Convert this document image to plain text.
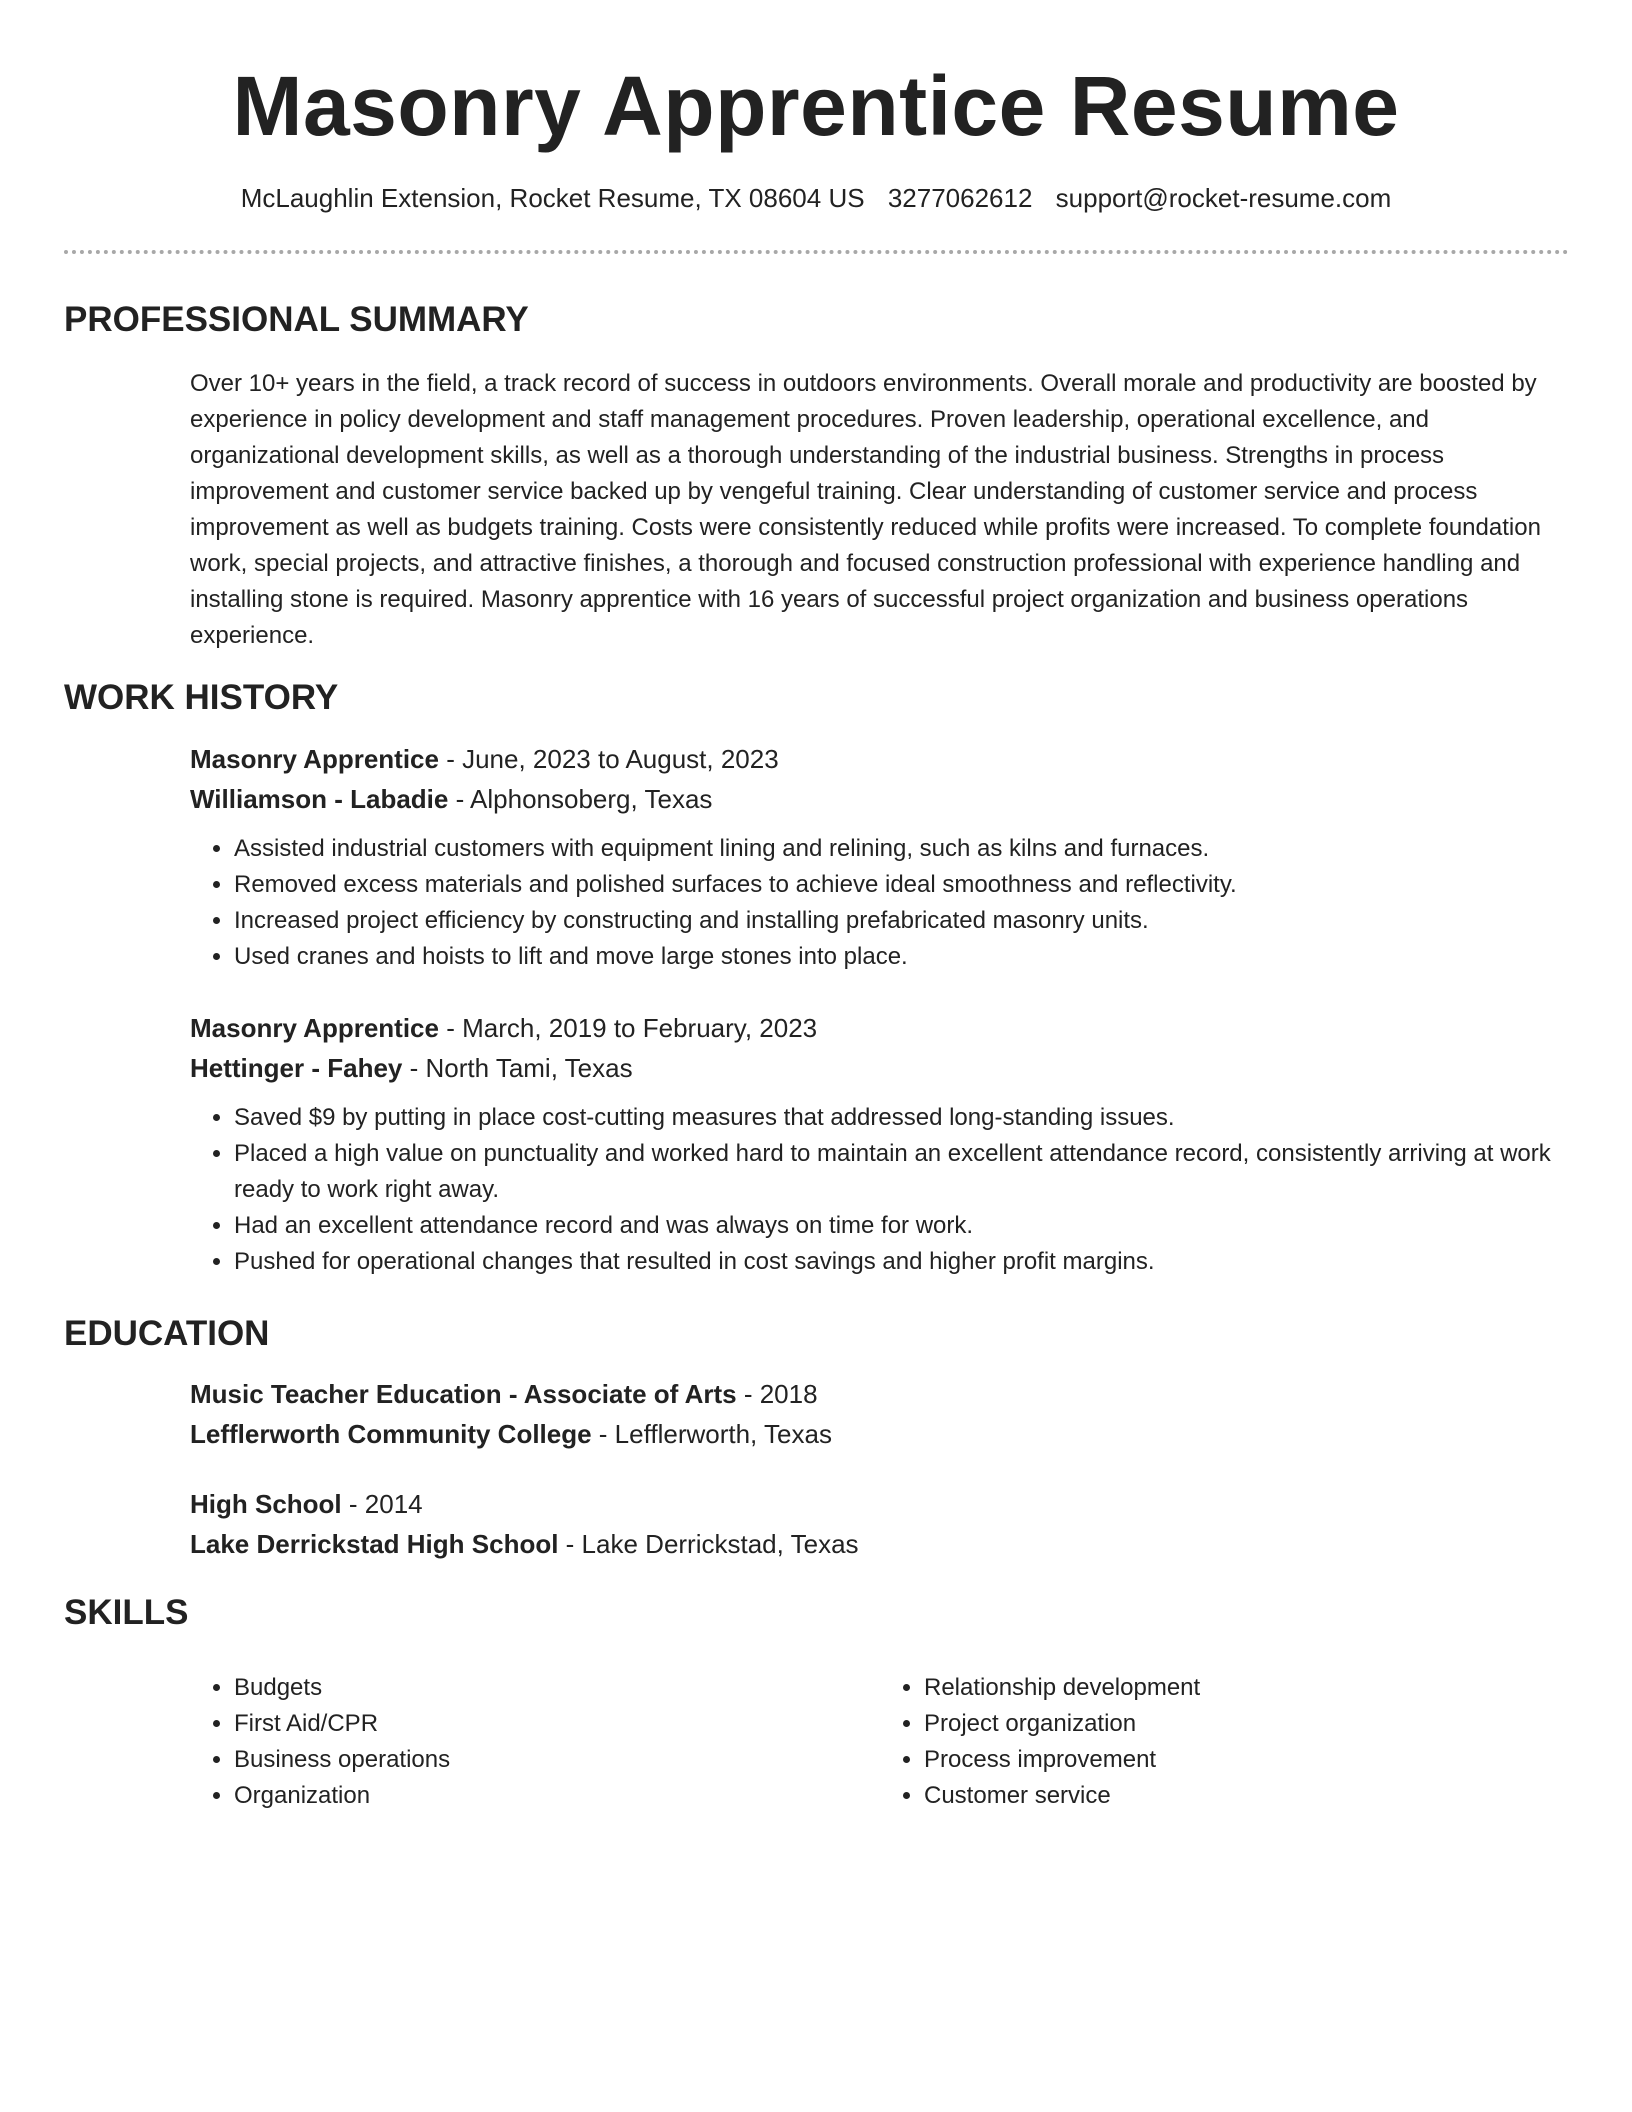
Masonry Apprentice Resume
McLaughlin Extension, Rocket Resume, TX 08604 US 3277062612 support@rocket-resume.com
PROFESSIONAL SUMMARY

Over 10+ years in the field, a track record of success in outdoors environments. Overall morale and productivity are boosted by experience in policy development and staff management procedures. Proven leadership, operational excellence, and organizational development skills, as well as a thorough understanding of the industrial business. Strengths in process improvement and customer service backed up by vengeful training. Clear understanding of customer service and process improvement as well as budgets training. Costs were consistently reduced while profits were increased. To complete foundation work, special projects, and attractive finishes, a thorough and focused construction professional with experience handling and installing stone is required. Masonry apprentice with 16 years of successful project organization and business operations experience.

WORK HISTORY
Masonry Apprentice - June, 2023 to August, 2023
Williamson - Labadie - Alphonsoberg, Texas
• Assisted industrial customers with equipment lining and relining, such as kilns and furnaces.
• Removed excess materials and polished surfaces to achieve ideal smoothness and reflectivity.
• Increased project efficiency by constructing and installing prefabricated masonry units.
• Used cranes and hoists to lift and move large stones into place.
Masonry Apprentice - March, 2019 to February, 2023
Hettinger - Fahey - North Tami, Texas
• Saved $9 by putting in place cost-cutting measures that addressed long-standing issues.
• Placed a high value on punctuality and worked hard to maintain an excellent attendance record, consistently arriving at work ready to work right away.
• Had an excellent attendance record and was always on time for work.
• Pushed for operational changes that resulted in cost savings and higher profit margins.
EDUCATION
Music Teacher Education - Associate of Arts - 2018
Lefflerworth Community College - Lefflerworth, Texas
High School - 2014
Lake Derrickstad High School - Lake Derrickstad, Texas
SKILLS
• Budgets
• First Aid/CPR
• Business operations
• Organization
• Relationship development
• Project organization
• Process improvement
• Customer service
